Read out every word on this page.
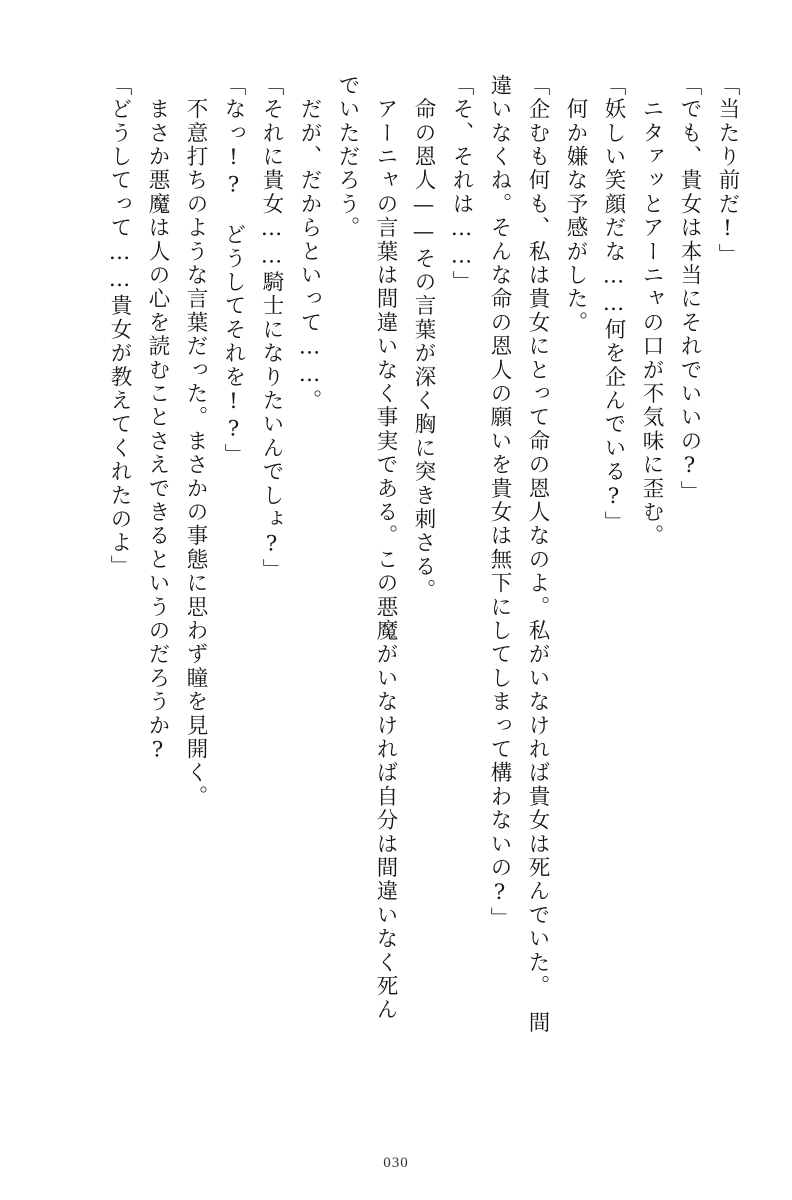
「当たり前だ!」
「でも、貴女は本当にそれでいいの?」
　ニタァッとアーニャの口が不気味に歪む。
「妖しい笑顔だな……何を企んでいる?」
　何か嫌な予感がした。
「企むも何も、私は貴女にとって命の恩人なのよ。私がいなければ貴女は死んでいた。　間
違いなくね。そんな命の恩人の願いを貴女は無下にしてしまって構わないの?」
「そ、それは……」
　命の恩人——その言葉が深く胸に突き刺さる。
　アーニャの言葉は間違いなく事実である。この悪魔がいなければ自分は間違いなく死ん
でいただろう。
　だが、だからといって……。
「それに貴女……騎士になりたいんでしょ?」
「なっ!?　どうしてそれを!?」
　不意打ちのような言葉だった。まさかの事態に思わず瞳を見開く。
　まさか悪魔は人の心を読むことさえできるというのだろうか?
「どうしてって……貴女が教えてくれたのよ」
030
